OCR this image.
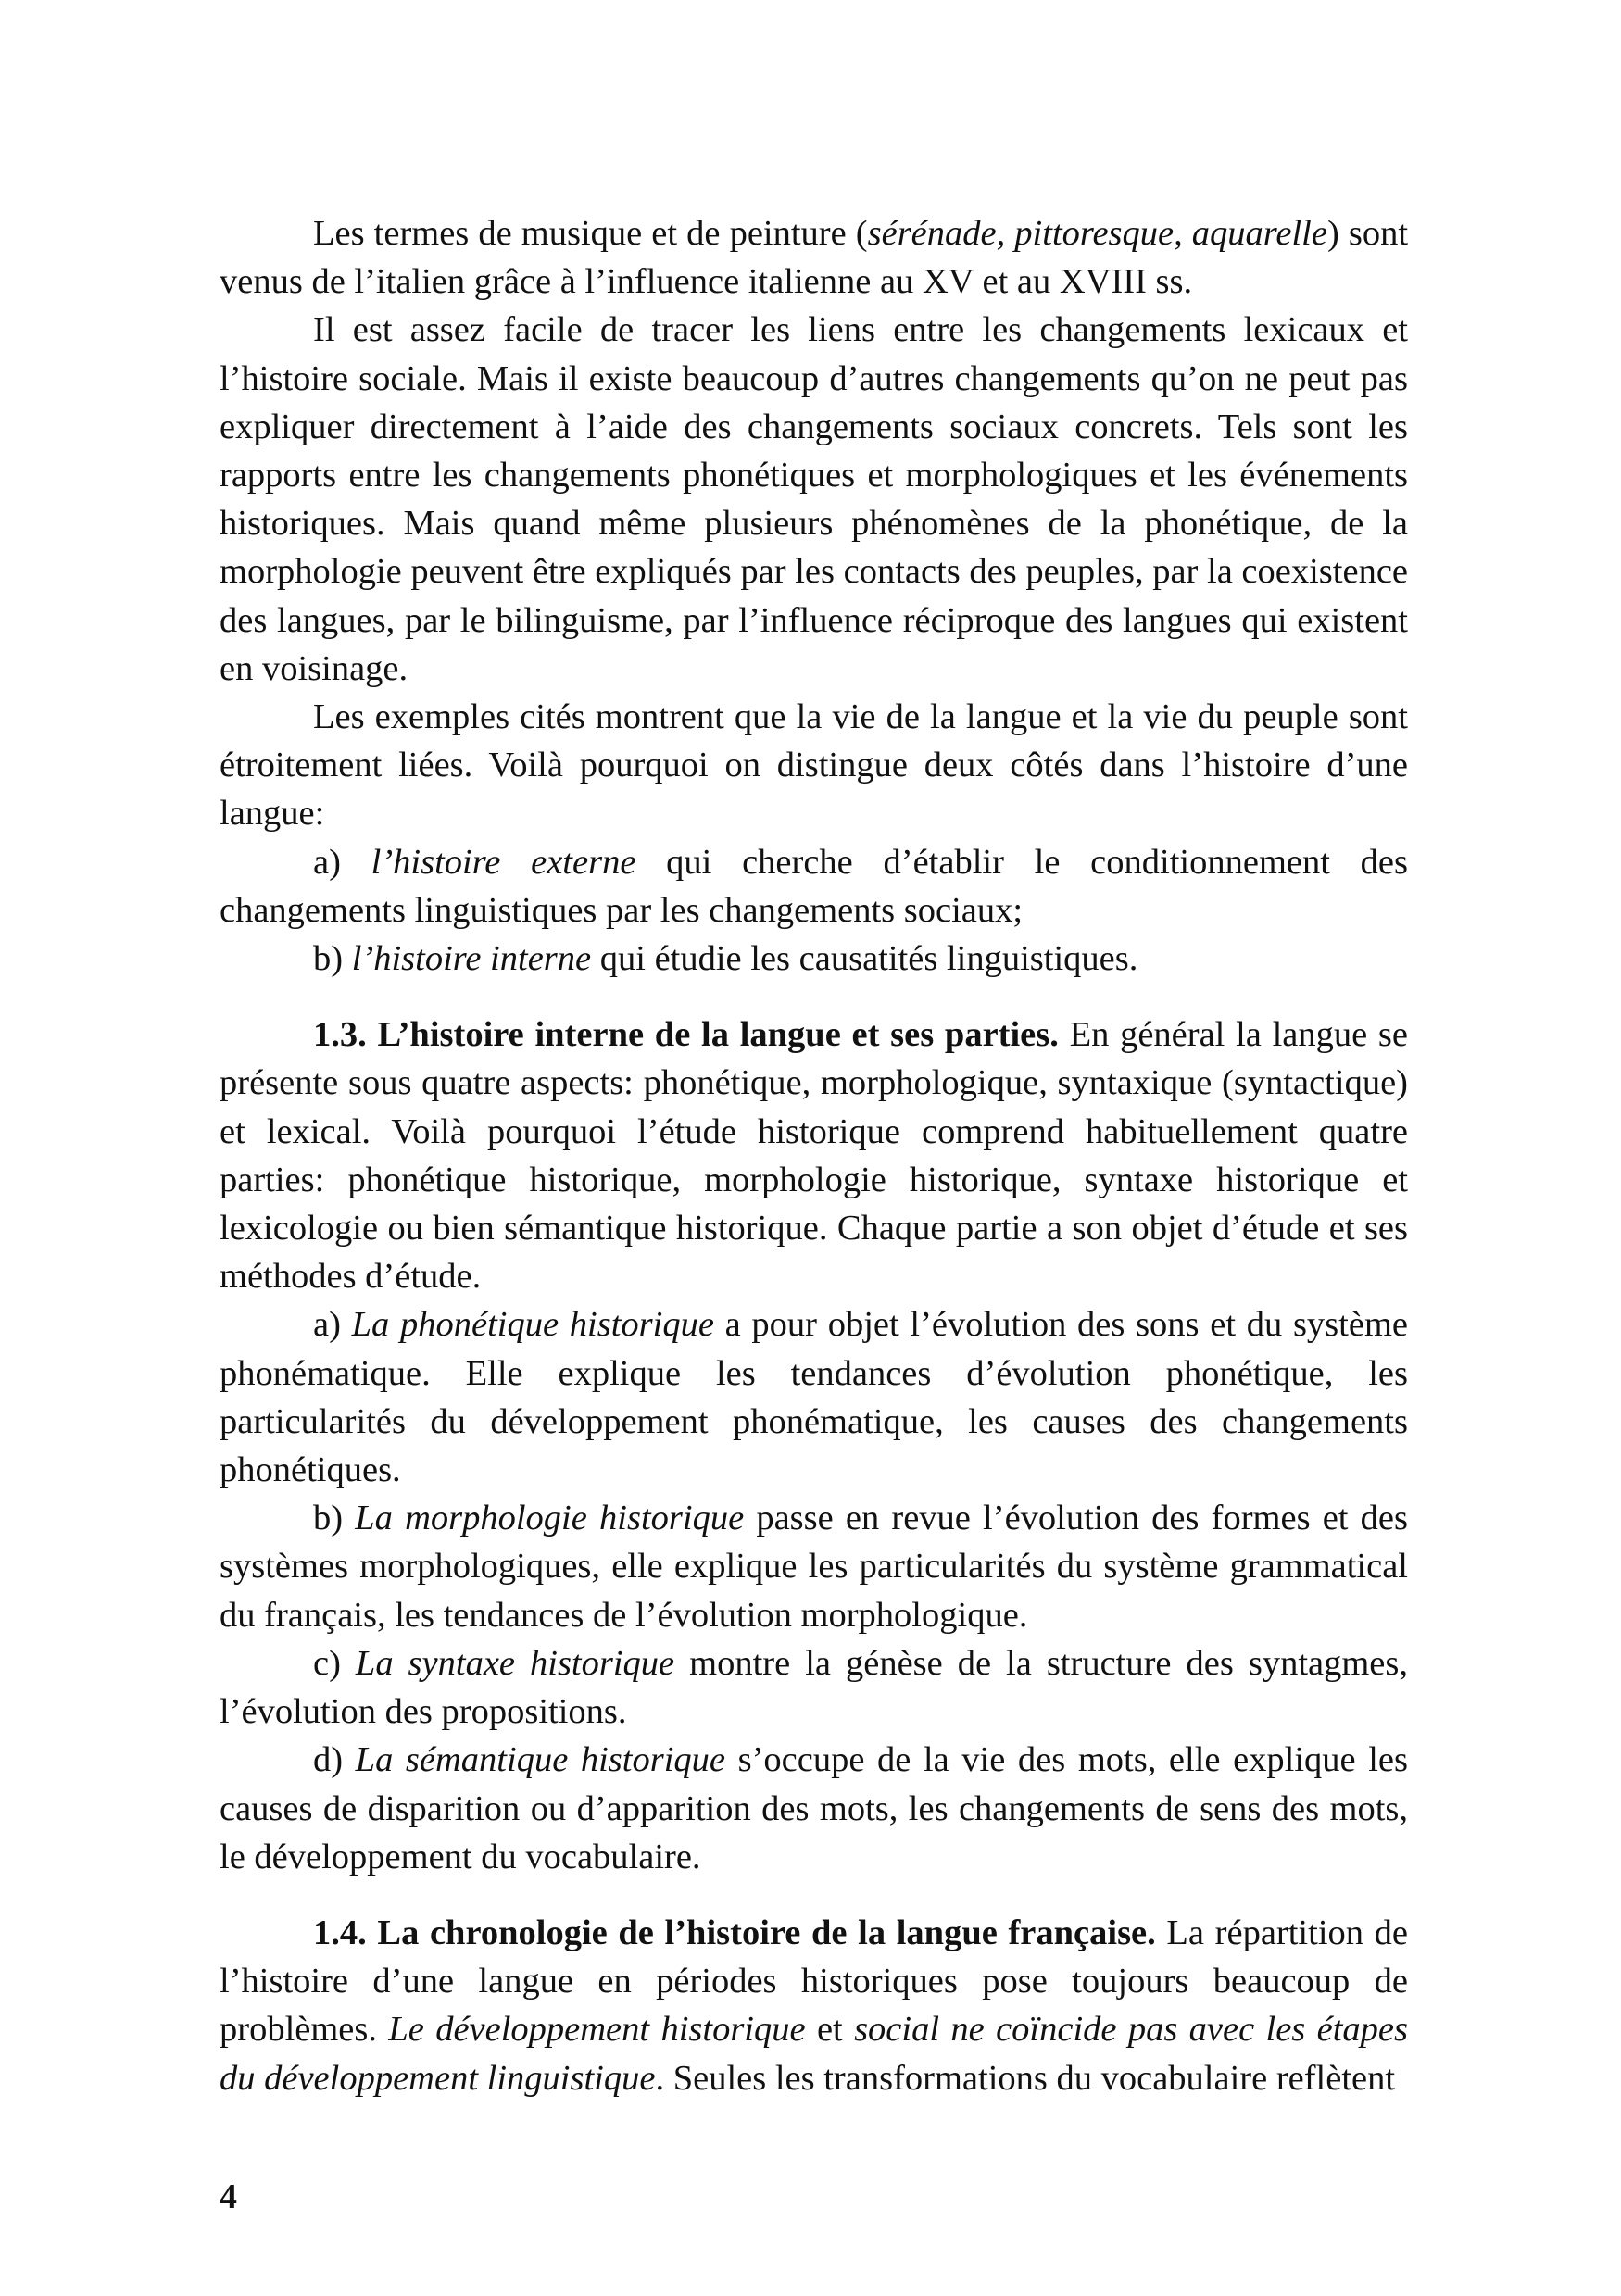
Les termes de musique et de peinture (sérénade, pittoresque, aquarelle) sont venus de l’italien grâce à l’influence italienne au XV et au XVIII ss.

Il est assez facile de tracer les liens entre les changements lexicaux et l’histoire sociale. Mais il existe beaucoup d’autres changements qu’on ne peut pas expliquer directement à l’aide des changements sociaux concrets. Tels sont les rapports entre les changements phonétiques et morphologiques et les événements historiques. Mais quand même plusieurs phénomènes de la phonétique, de la morphologie peuvent être expliqués par les contacts des peuples, par la coexistence des langues, par le bilinguisme, par l’influence réciproque des langues qui existent en voisinage.

Les exemples cités montrent que la vie de la langue et la vie du peuple sont étroitement liées. Voilà pourquoi on distingue deux côtés dans l’histoire d’une langue:

a) l’histoire externe qui cherche d’établir le conditionnement des changements linguistiques par les changements sociaux;

b) l’histoire interne qui étudie les causatités linguistiques.

1.3. L’histoire interne de la langue et ses parties. En général la langue se présente sous quatre aspects: phonétique, morphologique, syntaxique (syntactique) et lexical. Voilà pourquoi l’étude historique comprend habituellement quatre parties: phonétique historique, morphologie historique, syntaxe historique et lexicologie ou bien sémantique historique. Chaque partie a son objet d’étude et ses méthodes d’étude.

a) La phonétique historique a pour objet l’évolution des sons et du système phonématique. Elle explique les tendances d’évolution phonétique, les particularités du développement phonématique, les causes des changements phonétiques.

b) La morphologie historique passe en revue l’évolution des formes et des systèmes morphologiques, elle explique les particularités du système grammatical du français, les tendances de l’évolution morphologique.

c) La syntaxe historique montre la génèse de la structure des syntagmes, l’évolution des propositions.

d) La sémantique historique s’occupe de la vie des mots, elle explique les causes de disparition ou d’apparition des mots, les changements de sens des mots, le développement du vocabulaire.

1.4. La chronologie de l’histoire de la langue française. La répartition de l’histoire d’une langue en périodes historiques pose toujours beaucoup de problèmes. Le développement historique et social ne coïncide pas avec les étapes du développement linguistique. Seules les transformations du vocabulaire reflètent

4
